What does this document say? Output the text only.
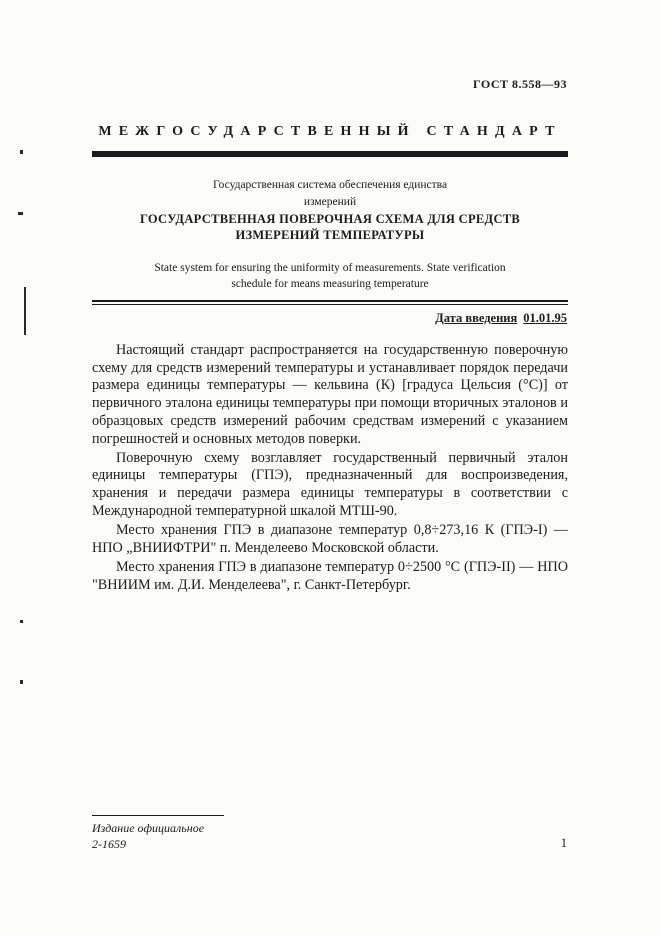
ГОСТ 8.558—93
МЕЖГОСУДАРСТВЕННЫЙ СТАНДАРТ
Государственная система обеспечения единства
измерений
ГОСУДАРСТВЕННАЯ ПОВЕРОЧНАЯ СХЕМА ДЛЯ СРЕДСТВ
ИЗМЕРЕНИЙ ТЕМПЕРАТУРЫ
State system for ensuring the uniformity of measurements. State verification
schedule for means measuring temperature
Дата введения 01.01.95

Настоящий стандарт распространяется на государственную поверочную схему для средств измерений температуры и устанавливает порядок передачи размера единицы температуры — кельвина (К) [градуса Цельсия (°С)] от первичного эталона единицы температуры при помощи вторичных эталонов и образцовых средств измерений рабочим средствам измерений с указанием погрешностей и основных методов поверки.

Поверочную схему возглавляет государственный первичный эталон единицы температуры (ГПЭ), предназначенный для воспроизведения, хранения и передачи размера единицы температуры в соответствии с Международной температурной шкалой МТШ-90.

Место хранения ГПЭ в диапазоне температур 0,8÷273,16 К (ГПЭ-I) — НПО „ВНИИФТРИ" п. Менделеево Московской области.

Место хранения ГПЭ в диапазоне температур 0÷2500 °С (ГПЭ-II) — НПО "ВНИИМ им. Д.И. Менделеева", г. Санкт-Петербург.

Издание официальное
2-1659	1
